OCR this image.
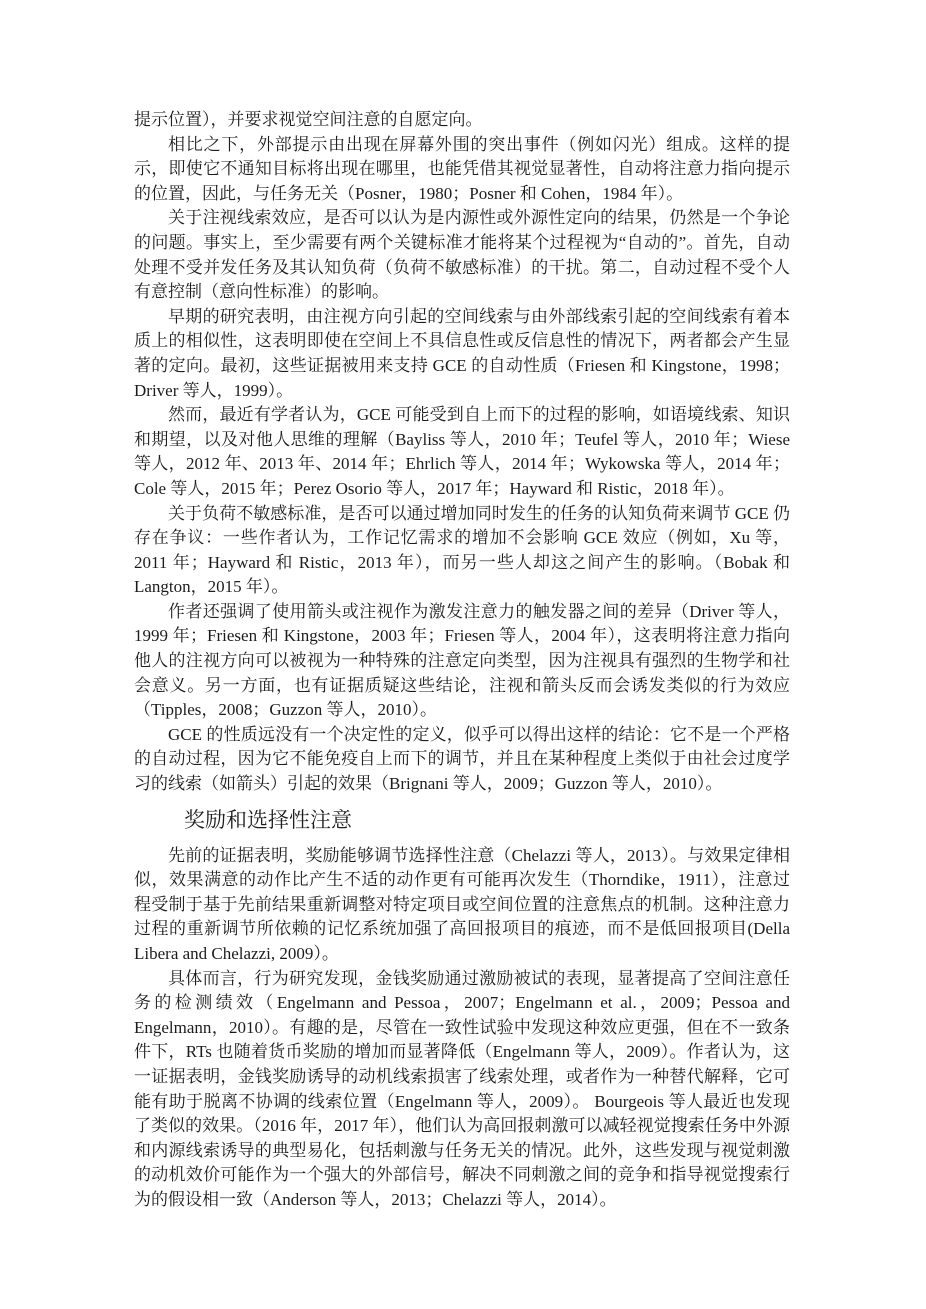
提示位置），并要求视觉空间注意的自愿定向。

相比之下，外部提示由出现在屏幕外围的突出事件（例如闪光）组成。这样的提示，即使它不通知目标将出现在哪里，也能凭借其视觉显著性，自动将注意力指向提示的位置，因此，与任务无关（Posner，1980；Posner 和 Cohen，1984 年）。

关于注视线索效应，是否可以认为是内源性或外源性定向的结果，仍然是一个争论的问题。事实上，至少需要有两个关键标准才能将某个过程视为“自动的”。首先，自动处理不受并发任务及其认知负荷（负荷不敏感标准）的干扰。第二，自动过程不受个人有意控制（意向性标准）的影响。

早期的研究表明，由注视方向引起的空间线索与由外部线索引起的空间线索有着本质上的相似性，这表明即使在空间上不具信息性或反信息性的情况下，两者都会产生显著的定向。最初，这些证据被用来支持 GCE 的自动性质（Friesen 和 Kingstone，1998；Driver 等人，1999）。

然而，最近有学者认为，GCE 可能受到自上而下的过程的影响，如语境线索、知识和期望，以及对他人思维的理解（Bayliss 等人，2010 年；Teufel 等人，2010 年；Wiese 等人，2012 年、2013 年、2014 年；Ehrlich 等人，2014 年；Wykowska 等人，2014 年；Cole 等人，2015 年；Perez Osorio 等人，2017 年；Hayward 和 Ristic，2018 年）。

关于负荷不敏感标准，是否可以通过增加同时发生的任务的认知负荷来调节 GCE 仍存在争议：一些作者认为，工作记忆需求的增加不会影响 GCE 效应（例如，Xu 等，2011 年；Hayward 和 Ristic，2013 年），而另一些人却这之间产生的影响。（Bobak 和 Langton，2015 年）。

作者还强调了使用箭头或注视作为激发注意力的触发器之间的差异（Driver 等人，1999 年；Friesen 和 Kingstone，2003 年；Friesen 等人，2004 年），这表明将注意力指向他人的注视方向可以被视为一种特殊的注意定向类型，因为注视具有强烈的生物学和社会意义。另一方面，也有证据质疑这些结论，注视和箭头反而会诱发类似的行为效应（Tipples，2008；Guzzon 等人，2010）。

GCE 的性质远没有一个决定性的定义，似乎可以得出这样的结论：它不是一个严格的自动过程，因为它不能免疫自上而下的调节，并且在某种程度上类似于由社会过度学习的线索（如箭头）引起的效果（Brignani 等人，2009；Guzzon 等人，2010）。

奖励和选择性注意

先前的证据表明，奖励能够调节选择性注意（Chelazzi 等人，2013）。与效果定律相似，效果满意的动作比产生不适的动作更有可能再次发生（Thorndike，1911），注意过程受制于基于先前结果重新调整对特定项目或空间位置的注意焦点的机制。这种注意力过程的重新调节所依赖的记忆系统加强了高回报项目的痕迹，而不是低回报项目(Della Libera and Chelazzi, 2009）。

具体而言，行为研究发现，金钱奖励通过激励被试的表现，显著提高了空间注意任务的检测绩效（Engelmann and Pessoa，2007；Engelmann et al.，2009；Pessoa and Engelmann，2010）。有趣的是，尽管在一致性试验中发现这种效应更强，但在不一致条件下，RTs 也随着货币奖励的增加而显著降低（Engelmann 等人，2009）。作者认为，这一证据表明，金钱奖励诱导的动机线索损害了线索处理，或者作为一种替代解释，它可能有助于脱离不协调的线索位置（Engelmann 等人，2009）。 Bourgeois 等人最近也发现了类似的效果。（2016 年，2017 年），他们认为高回报刺激可以减轻视觉搜索任务中外源和内源线索诱导的典型易化，包括刺激与任务无关的情况。此外，这些发现与视觉刺激的动机效价可能作为一个强大的外部信号，解决不同刺激之间的竞争和指导视觉搜索行为的假设相一致（Anderson 等人，2013；Chelazzi 等人，2014）。
